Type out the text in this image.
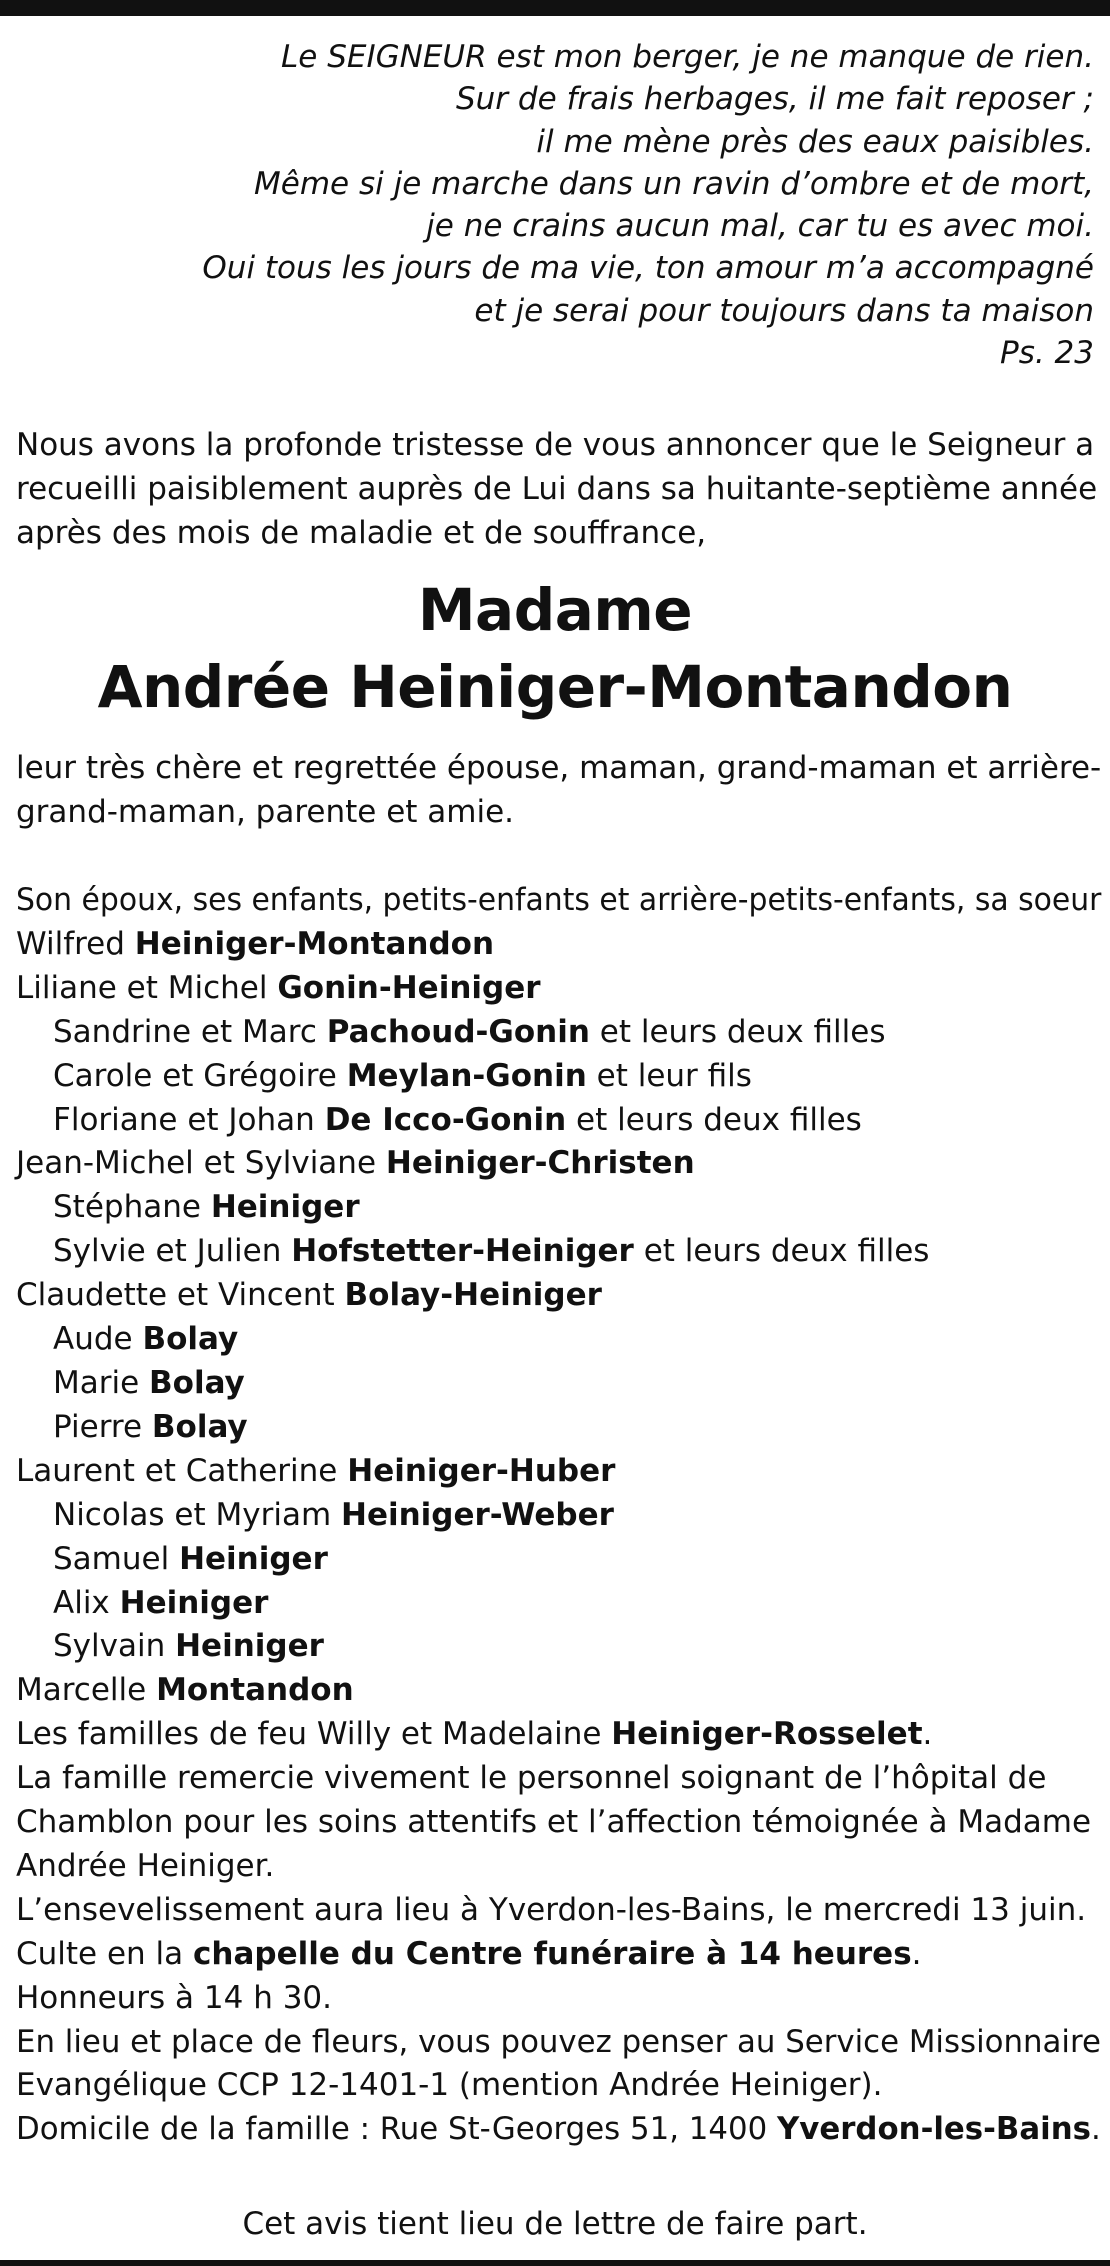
Le SEIGNEUR est mon berger, je ne manque de rien.
Sur de frais herbages, il me fait reposer ;
il me mène près des eaux paisibles.
Même si je marche dans un ravin d’ombre et de mort,
je ne crains aucun mal, car tu es avec moi.
Oui tous les jours de ma vie, ton amour m’a accompagné
et je serai pour toujours dans ta maison
Ps. 23
Nous avons la profonde tristesse de vous annoncer que le Seigneur a
recueilli paisiblement auprès de Lui dans sa huitante-septième année
après des mois de maladie et de souffrance,
Madame
Andrée Heiniger-Montandon
leur très chère et regrettée épouse, maman, grand-maman et arrière-
grand-maman, parente et amie.
Son époux, ses enfants, petits-enfants et arrière-petits-enfants, sa soeur
Wilfred Heiniger-Montandon
Liliane et Michel Gonin-Heiniger
Sandrine et Marc Pachoud-Gonin et leurs deux filles
Carole et Grégoire Meylan-Gonin et leur fils
Floriane et Johan De Icco-Gonin et leurs deux filles
Jean-Michel et Sylviane Heiniger-Christen
Stéphane Heiniger
Sylvie et Julien Hofstetter-Heiniger et leurs deux filles
Claudette et Vincent Bolay-Heiniger
Aude Bolay
Marie Bolay
Pierre Bolay
Laurent et Catherine Heiniger-Huber
Nicolas et Myriam Heiniger-Weber
Samuel Heiniger
Alix Heiniger
Sylvain Heiniger
Marcelle Montandon
Les familles de feu Willy et Madelaine Heiniger-Rosselet.
La famille remercie vivement le personnel soignant de l’hôpital de
Chamblon pour les soins attentifs et l’affection témoignée à Madame
Andrée Heiniger.
L’ensevelissement aura lieu à Yverdon-les-Bains, le mercredi 13 juin.
Culte en la chapelle du Centre funéraire à 14 heures.
Honneurs à 14 h 30.
En lieu et place de fleurs, vous pouvez penser au Service Missionnaire
Evangélique CCP 12-1401-1 (mention Andrée Heiniger).
Domicile de la famille : Rue St-Georges 51, 1400 Yverdon-les-Bains.
Cet avis tient lieu de lettre de faire part.
